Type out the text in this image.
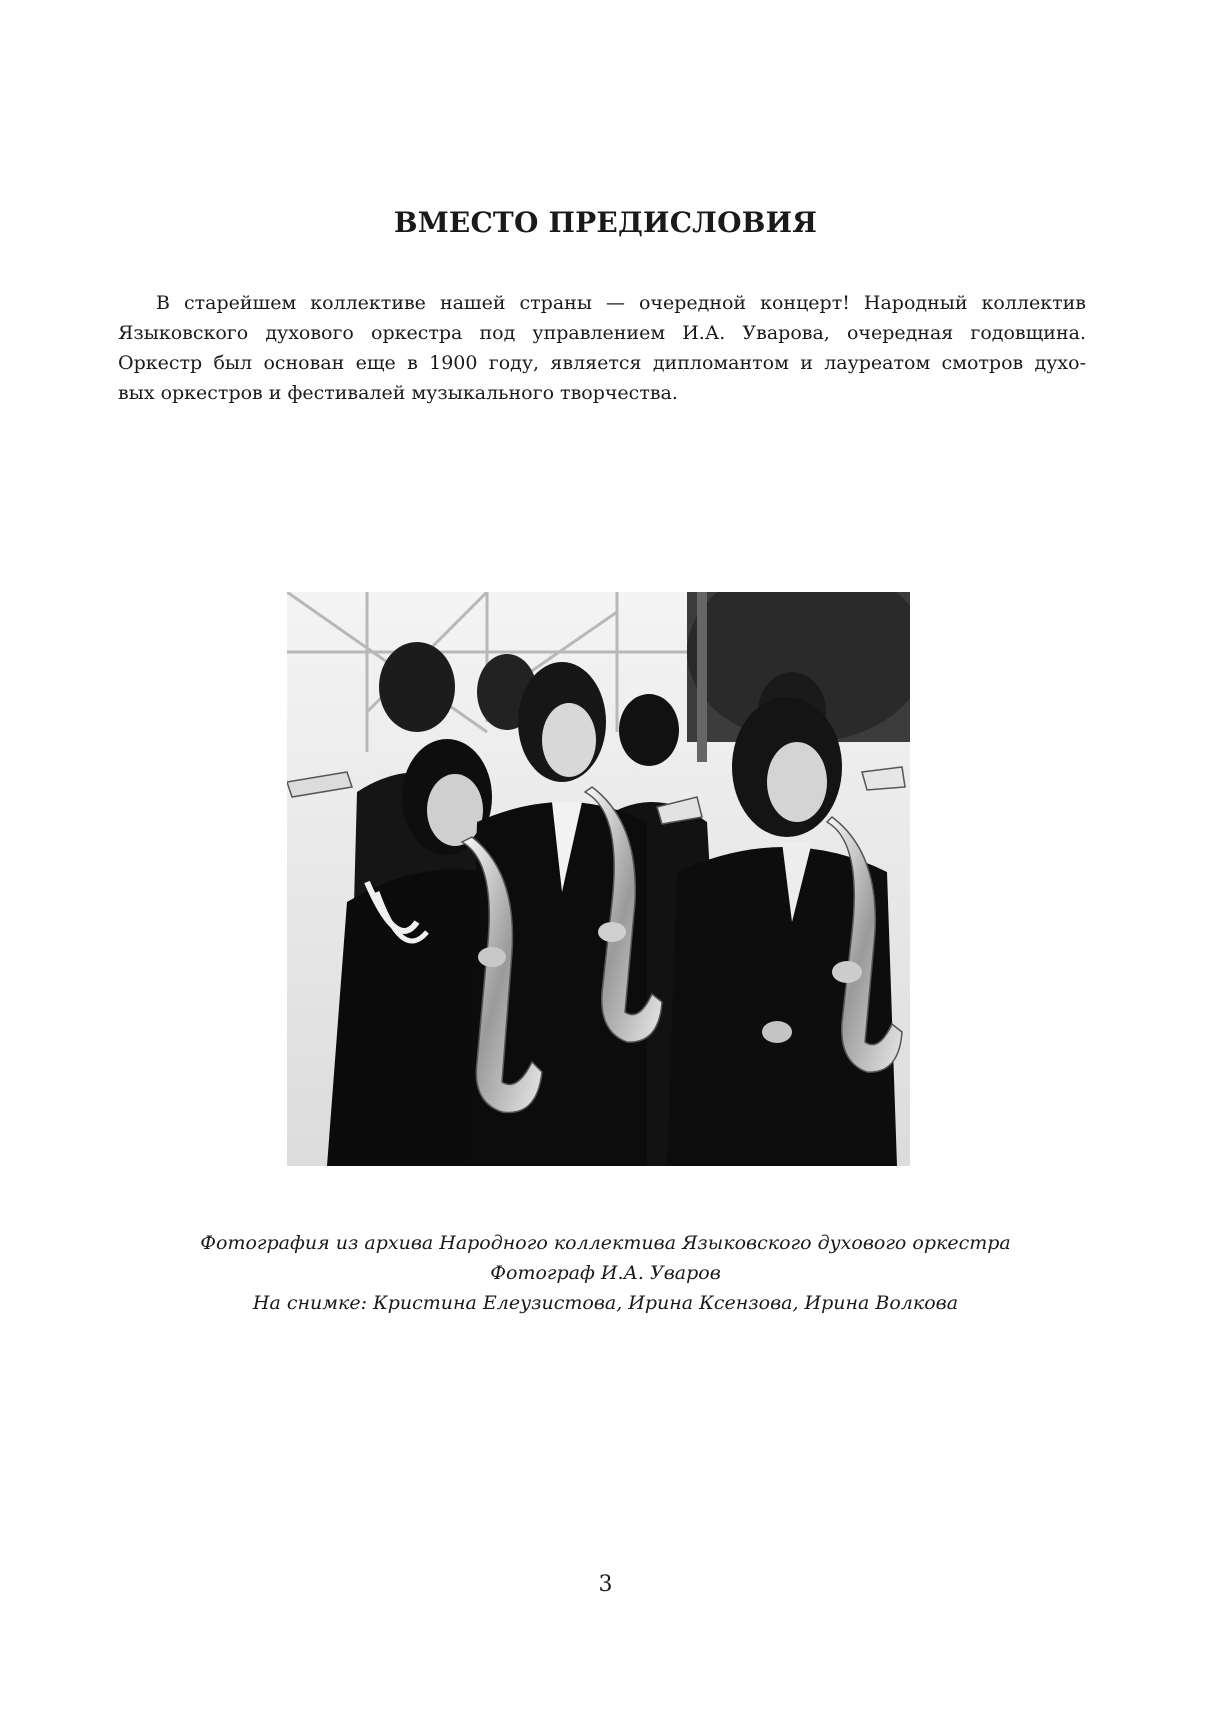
ВМЕСТО ПРЕДИСЛОВИЯ

В старейшем коллективе нашей страны — очередной концерт! Народный коллектив
Языковского духового оркестра под управлением И.А. Уварова, очередная годовщина.
Оркестр был основан еще в 1900 году, является дипломантом и лауреатом смотров духо-
вых оркестров и фестивалей музыкального творчества.

Фотография из архива Народного коллектива Языковского духового оркестра
Фотограф И.А. Уваров
На снимке: Кристина Елеузистова, Ирина Ксензова, Ирина Волкова
3
